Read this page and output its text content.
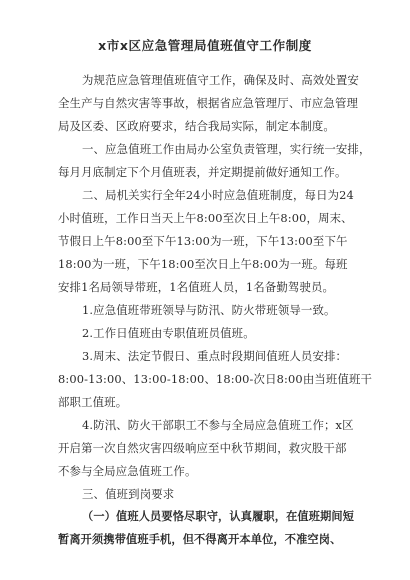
x市x区应急管理局值班值守工作制度
为规范应急管理值班值守工作，确保及时、高效处置安
全生产与自然灾害等事故，根据省应急管理厅、市应急管理
局及区委、区政府要求，结合我局实际，制定本制度。
一、应急值班工作由局办公室负责管理，实行统一安排，
每月月底制定下个月值班表，并定期提前做好通知工作。
二、局机关实行全年24小时应急值班制度，每日为24
小时值班，工作日当天上午8:00至次日上午8:00，周末、
节假日上午8:00至下午13:00为一班，下午13:00至下午
18:00为一班，下午18:00至次日上午8:00为一班。每班
安排1名局领导带班，1名值班人员，1名备勤驾驶员。
1.应急值班带班领导与防汛、防火带班领导一致。
2.工作日值班由专职值班员值班。
3.周末、法定节假日、重点时段期间值班人员安排：
8:00-13:00、13:00-18:00、18:00-次日8:00由当班值班干
部职工值班。
4.防汛、防火干部职工不参与全局应急值班工作；x区
开启第一次自然灾害四级响应至中秋节期间，救灾股干部
不参与全局应急值班工作。
三、值班到岗要求
（一）值班人员要恪尽职守，认真履职，在值班期间短
暂离开须携带值班手机，但不得离开本单位，不准空岗、
